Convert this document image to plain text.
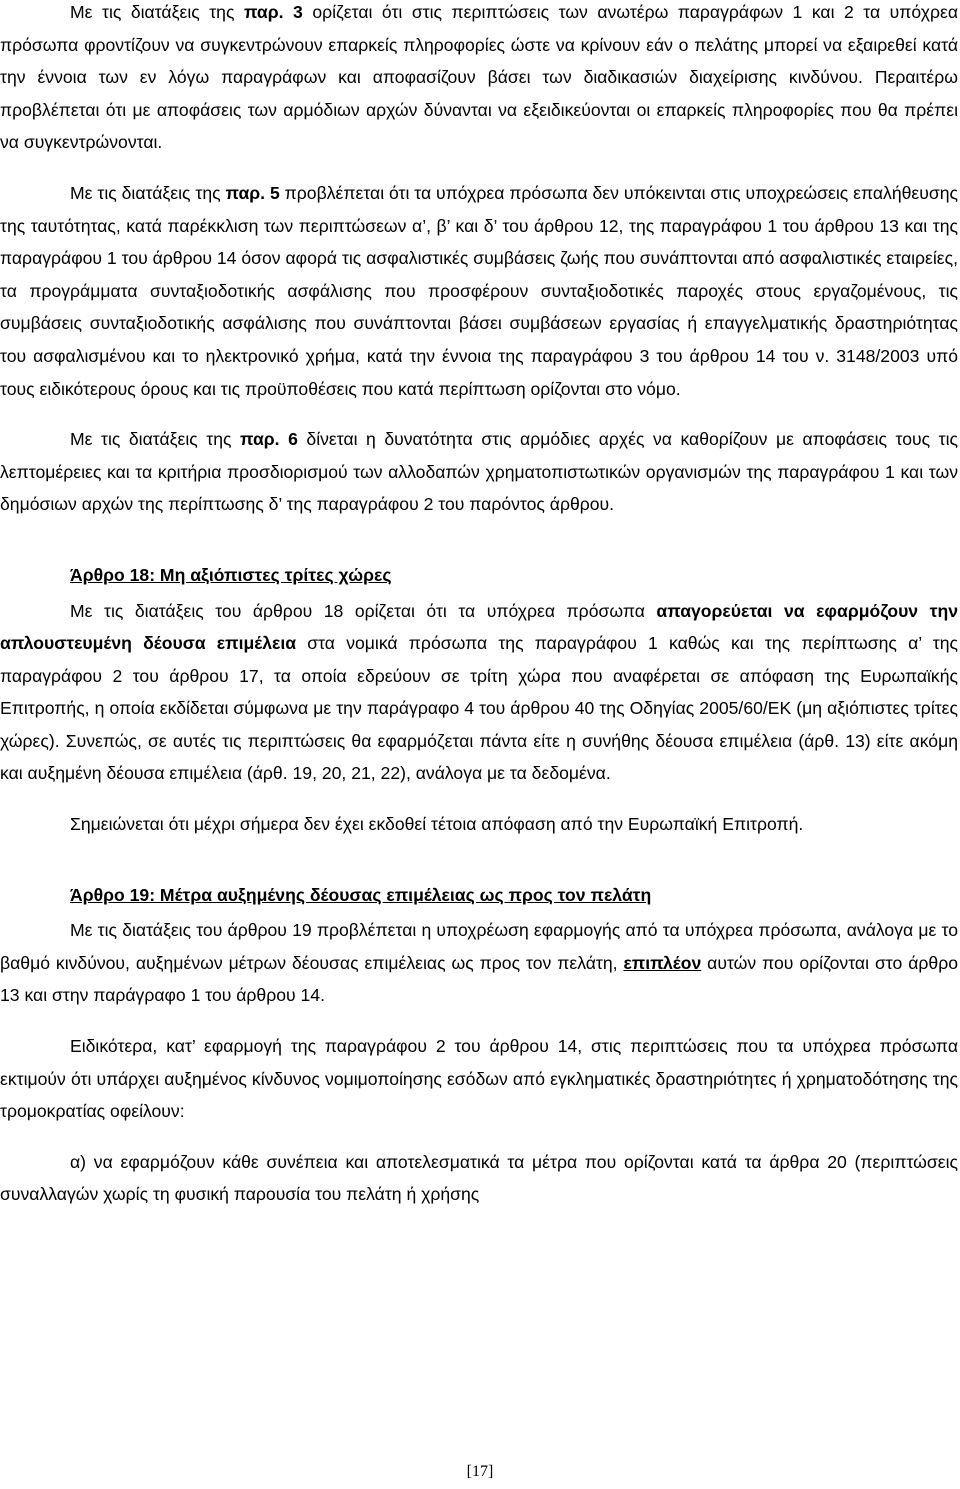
Με τις διατάξεις της παρ. 3 ορίζεται ότι στις περιπτώσεις των ανωτέρω παραγράφων 1 και 2 τα υπόχρεα πρόσωπα φροντίζουν να συγκεντρώνουν επαρκείς πληροφορίες ώστε να κρίνουν εάν ο πελάτης μπορεί να εξαιρεθεί κατά την έννοια των εν λόγω παραγράφων και αποφασίζουν βάσει των διαδικασιών διαχείρισης κινδύνου. Περαιτέρω προβλέπεται ότι με αποφάσεις των αρμόδιων αρχών δύνανται να εξειδικεύονται οι επαρκείς πληροφορίες που θα πρέπει να συγκεντρώνονται.

Με τις διατάξεις της παρ. 5 προβλέπεται ότι τα υπόχρεα πρόσωπα δεν υπόκεινται στις υποχρεώσεις επαλήθευσης της ταυτότητας, κατά παρέκκλιση των περιπτώσεων α’, β’ και δ’ του άρθρου 12, της παραγράφου 1 του άρθρου 13 και της παραγράφου 1 του άρθρου 14 όσον αφορά τις ασφαλιστικές συμβάσεις ζωής που συνάπτονται από ασφαλιστικές εταιρείες, τα προγράμματα συνταξιοδοτικής ασφάλισης που προσφέρουν συνταξιοδοτικές παροχές στους εργαζομένους, τις συμβάσεις συνταξιοδοτικής ασφάλισης που συνάπτονται βάσει συμβάσεων εργασίας ή επαγγελματικής δραστηριότητας του ασφαλισμένου και το ηλεκτρονικό χρήμα, κατά την έννοια της παραγράφου 3 του άρθρου 14 του ν. 3148/2003 υπό τους ειδικότερους όρους και τις προϋποθέσεις που κατά περίπτωση ορίζονται στο νόμο.

Με τις διατάξεις της παρ. 6 δίνεται η δυνατότητα στις αρμόδιες αρχές να καθορίζουν με αποφάσεις τους τις λεπτομέρειες και τα κριτήρια προσδιορισμού των αλλοδαπών χρηματοπιστωτικών οργανισμών της παραγράφου 1 και των δημόσιων αρχών της περίπτωσης δ’ της παραγράφου 2 του παρόντος άρθρου.

Άρθρο 18: Μη αξιόπιστες τρίτες χώρες

Με τις διατάξεις του άρθρου 18 ορίζεται ότι τα υπόχρεα πρόσωπα απαγορεύεται να εφαρμόζουν την απλουστευμένη δέουσα επιμέλεια στα νομικά πρόσωπα της παραγράφου 1 καθώς και της περίπτωσης α’ της παραγράφου 2 του άρθρου 17, τα οποία εδρεύουν σε τρίτη χώρα που αναφέρεται σε απόφαση της Ευρωπαϊκής Επιτροπής, η οποία εκδίδεται σύμφωνα με την παράγραφο 4 του άρθρου 40 της Οδηγίας 2005/60/ΕΚ (μη αξιόπιστες τρίτες χώρες). Συνεπώς, σε αυτές τις περιπτώσεις θα εφαρμόζεται πάντα είτε η συνήθης δέουσα επιμέλεια (άρθ. 13) είτε ακόμη και αυξημένη δέουσα επιμέλεια (άρθ. 19, 20, 21, 22), ανάλογα με τα δεδομένα.

Σημειώνεται ότι μέχρι σήμερα δεν έχει εκδοθεί τέτοια απόφαση από την Ευρωπαϊκή Επιτροπή.

Άρθρο 19: Μέτρα αυξημένης δέουσας επιμέλειας ως προς τον πελάτη

Με τις διατάξεις του άρθρου 19 προβλέπεται η υποχρέωση εφαρμογής από τα υπόχρεα πρόσωπα, ανάλογα με το βαθμό κινδύνου, αυξημένων μέτρων δέουσας επιμέλειας ως προς τον πελάτη, επιπλέον αυτών που ορίζονται στο άρθρο 13 και στην παράγραφο 1 του άρθρου 14.

Ειδικότερα, κατ’ εφαρμογή της παραγράφου 2 του άρθρου 14, στις περιπτώσεις που τα υπόχρεα πρόσωπα εκτιμούν ότι υπάρχει αυξημένος κίνδυνος νομιμοποίησης εσόδων από εγκληματικές δραστηριότητες ή χρηματοδότησης της τρομοκρατίας οφείλουν:

α) να εφαρμόζουν κάθε συνέπεια και αποτελεσματικά τα μέτρα που ορίζονται κατά τα άρθρα 20 (περιπτώσεις συναλλαγών χωρίς τη φυσική παρουσία του πελάτη ή χρήσης

[17]
